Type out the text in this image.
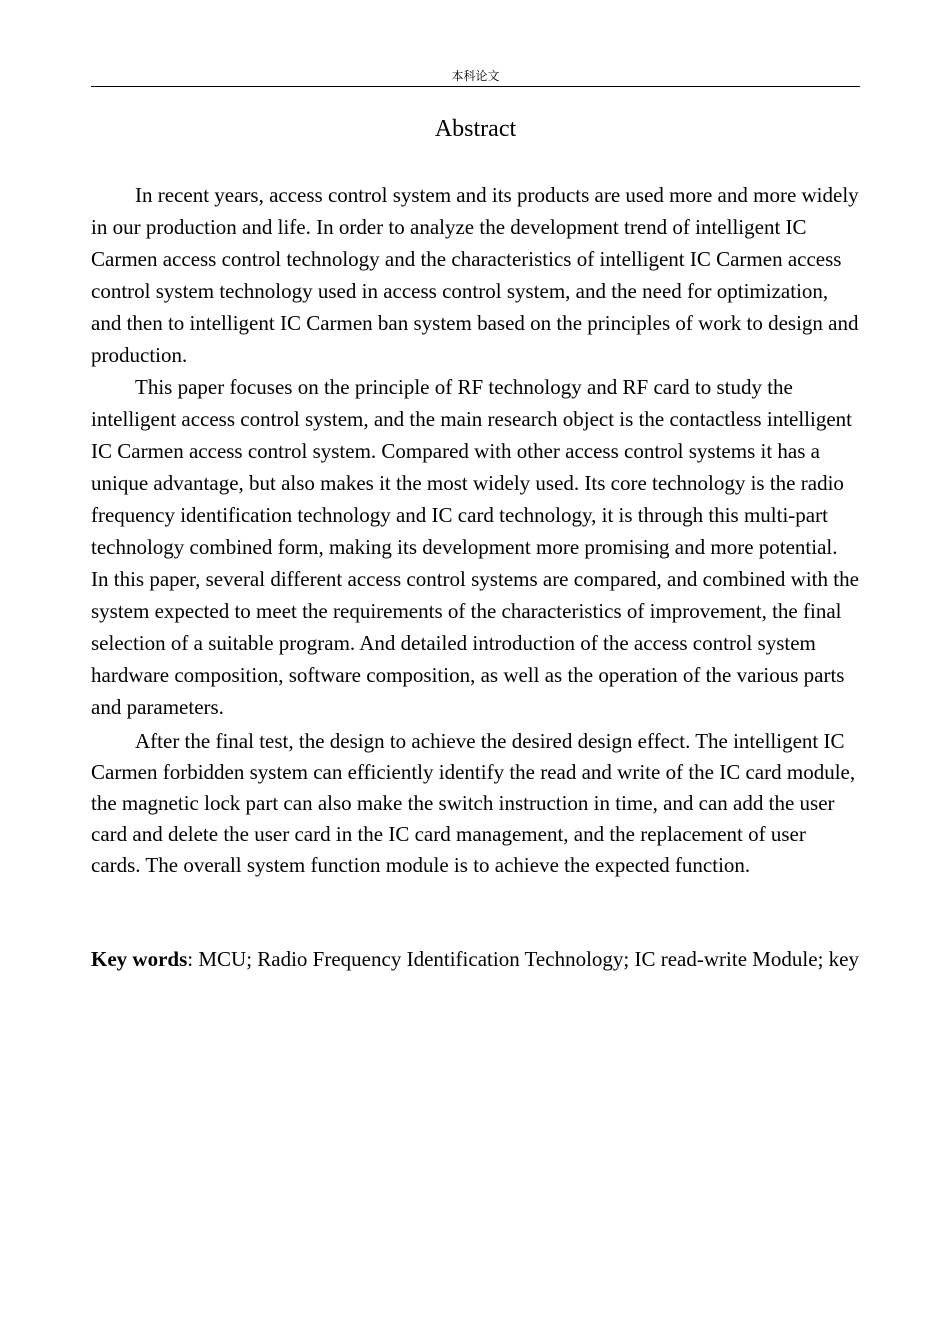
本科论文
Abstract

In recent years, access control system and its products are used more and more widely in our production and life. In order to analyze the development trend of intelligent IC Carmen access control technology and the characteristics of intelligent IC Carmen access control system technology used in access control system, and the need for optimization, and then to intelligent IC Carmen ban system based on the principles of work to design and production.

This paper focuses on the principle of RF technology and RF card to study the intelligent access control system, and the main research object is the contactless intelligent IC Carmen access control system. Compared with other access control systems it has a unique advantage, but also makes it the most widely used. Its core technology is the radio frequency identification technology and IC card technology, it is through this multi-part technology combined form, making its development more promising and more potential. In this paper, several different access control systems are compared, and combined with the system expected to meet the requirements of the characteristics of improvement, the final selection of a suitable program. And detailed introduction of the access control system hardware composition, software composition, as well as the operation of the various parts and parameters.

After the final test, the design to achieve the desired design effect. The intelligent IC Carmen forbidden system can efficiently identify the read and write of the IC card module, the magnetic lock part can also make the switch instruction in time, and can add the user card and delete the user card in the IC card management, and the replacement of user cards. The overall system function module is to achieve the expected function.

Key words: MCU; Radio Frequency Identification Technology; IC read-write Module; key
